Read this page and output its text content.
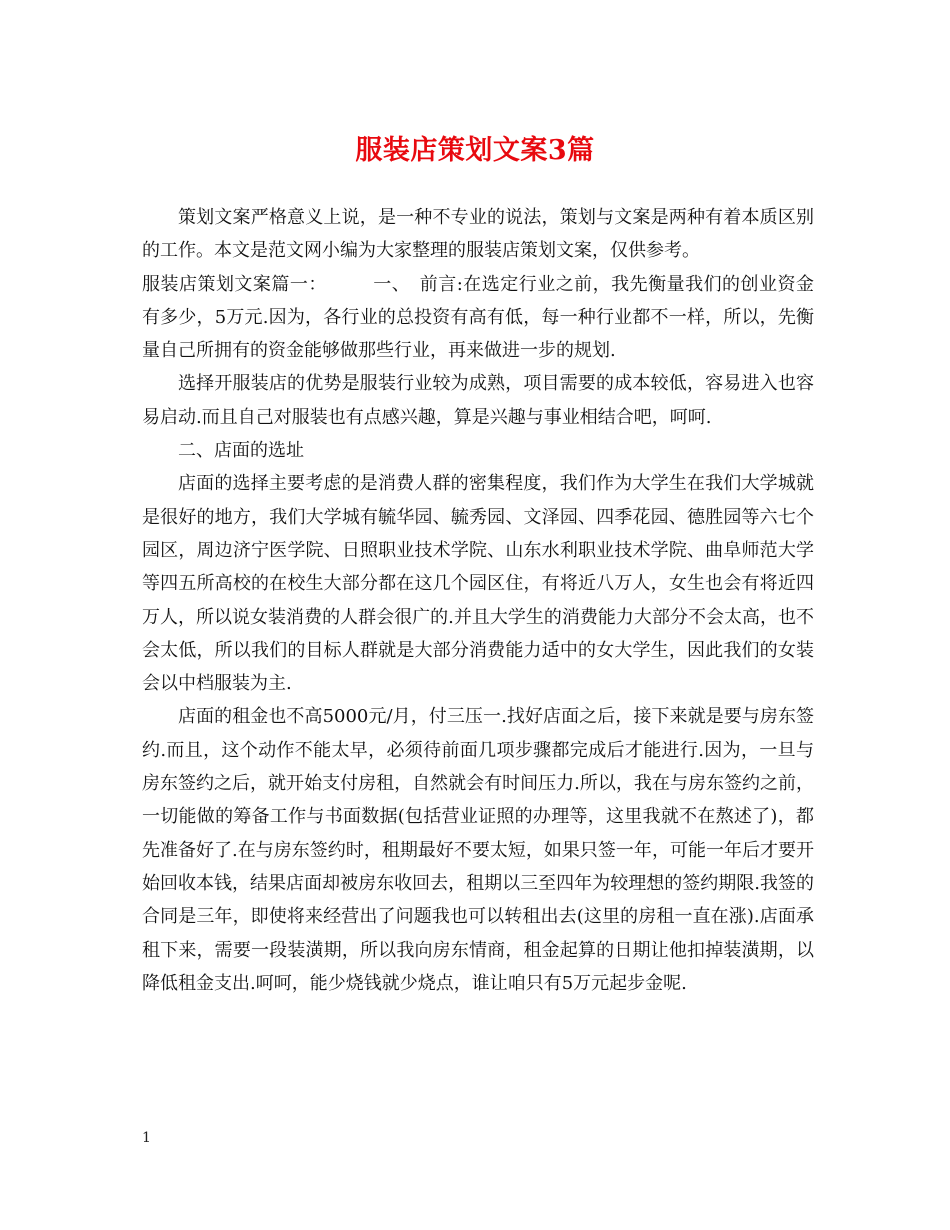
服装店策划文案3篇

策划文案严格意义上说，是一种不专业的说法，策划与文案是两种有着本质区别的工作。本文是范文网小编为大家整理的服装店策划文案，仅供参考。

服装店策划文案篇一：　　　一、　前言:在选定行业之前，我先衡量我们的创业资金有多少，5万元.因为，各行业的总投资有高有低，每一种行业都不一样，所以，先衡量自己所拥有的资金能够做那些行业，再来做进一步的规划.

选择开服装店的优势是服装行业较为成熟，项目需要的成本较低，容易进入也容易启动.而且自己对服装也有点感兴趣，算是兴趣与事业相结合吧，呵呵.

二、店面的选址

店面的选择主要考虑的是消费人群的密集程度，我们作为大学生在我们大学城就是很好的地方，我们大学城有毓华园、毓秀园、文泽园、四季花园、德胜园等六七个园区，周边济宁医学院、日照职业技术学院、山东水利职业技术学院、曲阜师范大学等四五所高校的在校生大部分都在这几个园区住，有将近八万人，女生也会有将近四万人，所以说女装消费的人群会很广的.并且大学生的消费能力大部分不会太高，也不会太低，所以我们的目标人群就是大部分消费能力适中的女大学生，因此我们的女装会以中档服装为主.

店面的租金也不高5000元/月，付三压一.找好店面之后，接下来就是要与房东签约.而且，这个动作不能太早，必须待前面几项步骤都完成后才能进行.因为，一旦与房东签约之后，就开始支付房租，自然就会有时间压力.所以，我在与房东签约之前，一切能做的筹备工作与书面数据(包括营业证照的办理等，这里我就不在熬述了)，都先准备好了.在与房东签约时，租期最好不要太短，如果只签一年，可能一年后才要开始回收本钱，结果店面却被房东收回去，租期以三至四年为较理想的签约期限.我签的合同是三年，即使将来经营出了问题我也可以转租出去(这里的房租一直在涨).店面承租下来，需要一段装潢期，所以我向房东情商，租金起算的日期让他扣掉装潢期，以降低租金支出.呵呵，能少烧钱就少烧点，谁让咱只有5万元起步金呢.

1
